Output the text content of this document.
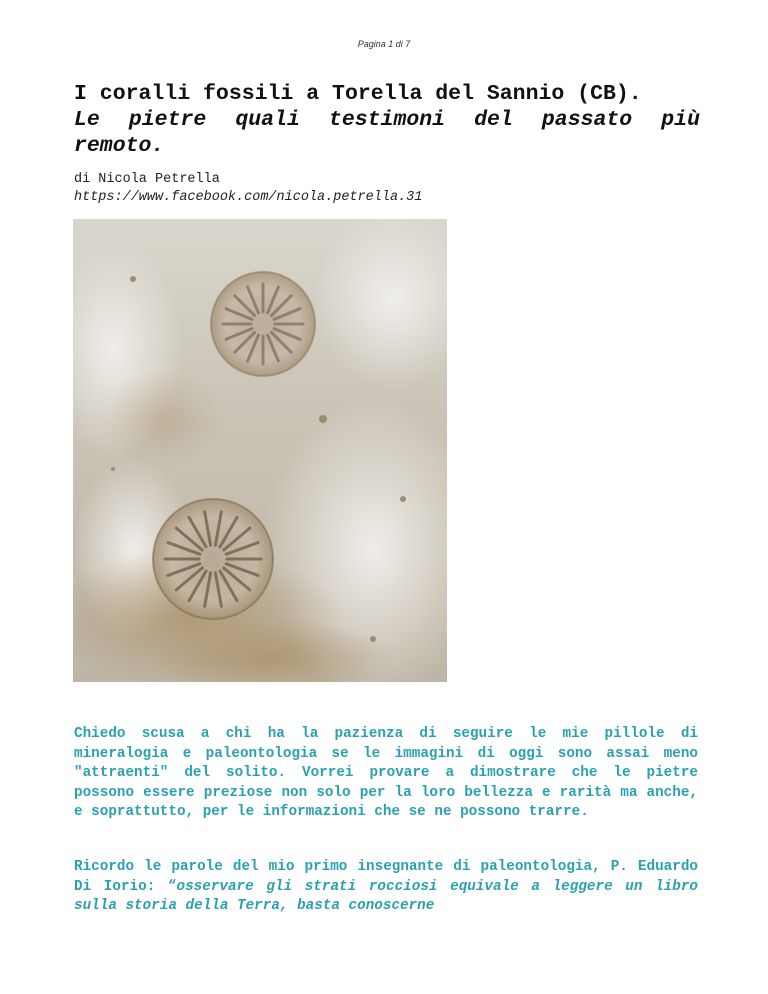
Pagina 1 di 7
I coralli fossili a Torella del Sannio (CB).

Le pietre quali testimoni del passato più remoto.
di Nicola Petrella
https://www.facebook.com/nicola.petrella.31
Chiedo scusa a chi ha la pazienza di seguire le mie pillole di mineralogia e paleontologia se le immagini di oggi sono assai meno "attraenti" del solito. Vorrei provare a dimostrare che le pietre possono essere preziose non solo per la loro bellezza e rarità ma anche, e soprattutto, per le informazioni che se ne possono trarre.
Ricordo le parole del mio primo insegnante di paleontologia, P. Eduardo Di Iorio: “osservare gli strati rocciosi equivale a leggere un libro sulla storia della Terra, basta conoscerne
